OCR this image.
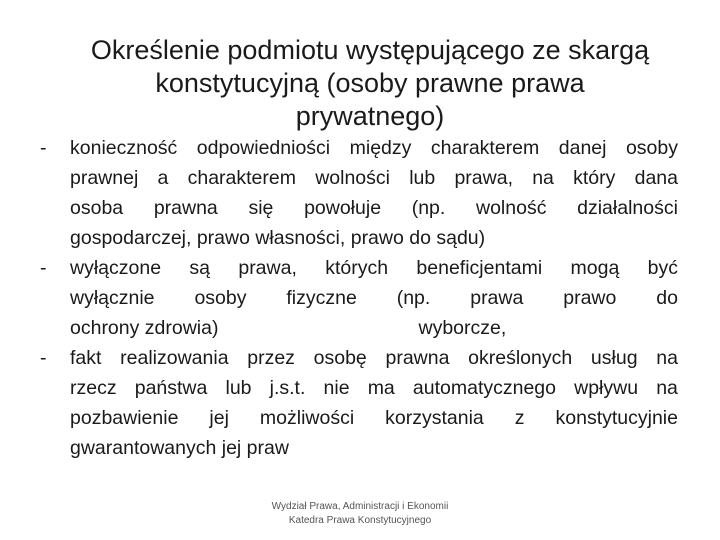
Określenie podmiotu występującego ze skargą
konstytucyjną (osoby prawne prawa
prywatnego)
-	konieczność odpowiedniości między charakterem danej osoby
prawnej a charakterem wolności lub prawa, na który dana
osoba prawna się powołuje (np. wolność działalności
gospodarczej, prawo własności, prawo do sądu)
-	wyłączone są prawa, których beneficjentami mogą być
wyłącznie osoby fizyczne (np. prawa prawo do
ochrony zdrowia)	wyborcze,
-	fakt realizowania przez osobę prawna określonych usług na
rzecz państwa lub j.s.t. nie ma automatycznego wpływu na
pozbawienie jej możliwości korzystania z konstytucyjnie
gwarantowanych jej praw
Wydział Prawa, Administracji i Ekonomii
Katedra Prawa Konstytucyjnego
